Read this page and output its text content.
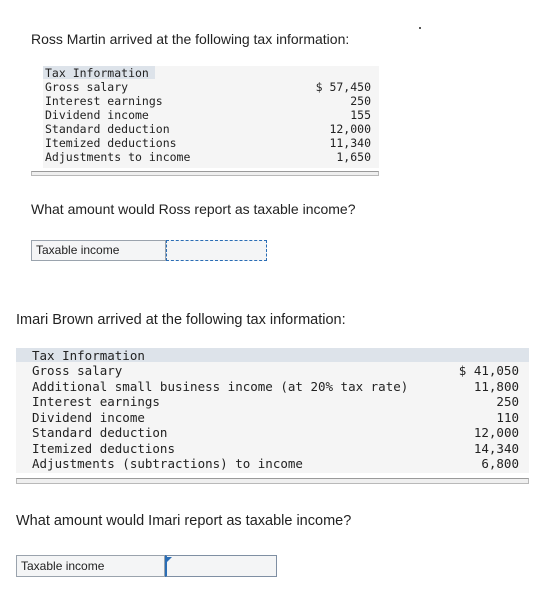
Ross Martin arrived at the following tax information:
Tax Information
Gross salary	$ 57,450
Interest earnings	250
Dividend income	155
Standard deduction	12,000
Itemized deductions	11,340
Adjustments to income	1,650
What amount would Ross report as taxable income?
Taxable income
Imari Brown arrived at the following tax information:
Tax Information
Gross salary	$ 41,050
Additional small business income (at 20% tax rate)	11,800
Interest earnings	250
Dividend income	110
Standard deduction	12,000
Itemized deductions	14,340
Adjustments (subtractions) to income	6,800
What amount would Imari report as taxable income?
Taxable income
